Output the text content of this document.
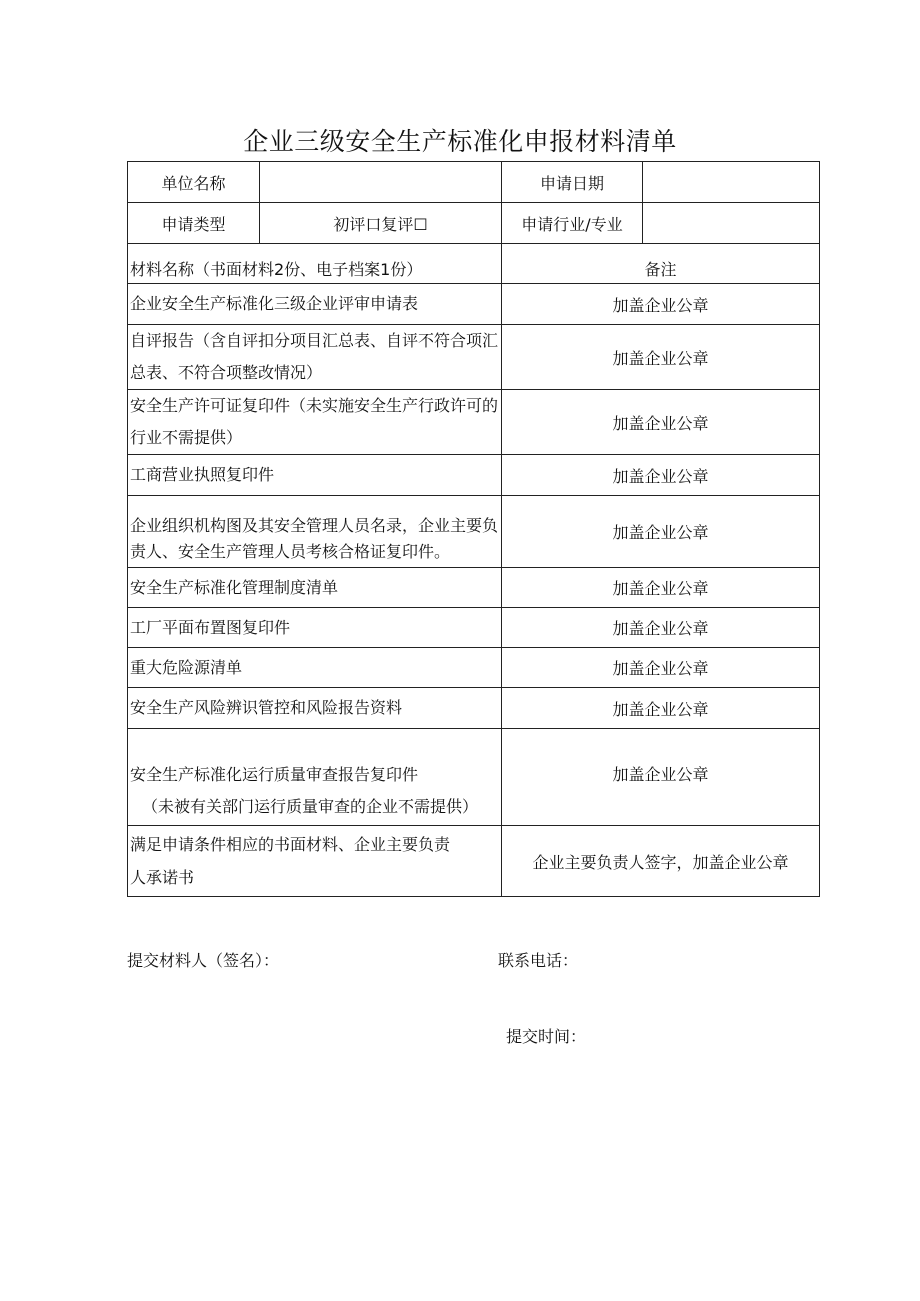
企业三级安全生产标准化申报材料清单
单位名称		申请日期	
申请类型	初评口复评☐	申请行业/专业	
材料名称（书面材料2份、电子档案1份）		备注	
企业安全生产标准化三级企业评审申请表		加盖企业公章	
自评报告（含自评扣分项目汇总表、自评不符合项汇总表、不符合项整改情况）		加盖企业公章	
安全生产许可证复印件（未实施安全生产行政许可的行业不需提供）		加盖企业公章	
工商营业执照复印件		加盖企业公章	
企业组织机构图及其安全管理人员名录，企业主要负责人、安全生产管理人员考核合格证复印件。		加盖企业公章	
安全生产标准化管理制度清单		加盖企业公章	
工厂平面布置图复印件		加盖企业公章	
重大危险源清单		加盖企业公章	
安全生产风险辨识管控和风险报告资料		加盖企业公章	

安全生产标准化运行质量审查报告复印件
（未被有关部门运行质量审查的企业不需提供）		加盖企业公章	
满足申请条件相应的书面材料、企业主要负责人承诺书		企业主要负责人签字，加盖企业公章	
提交材料人（签名）：	联系电话：
提交时间：
